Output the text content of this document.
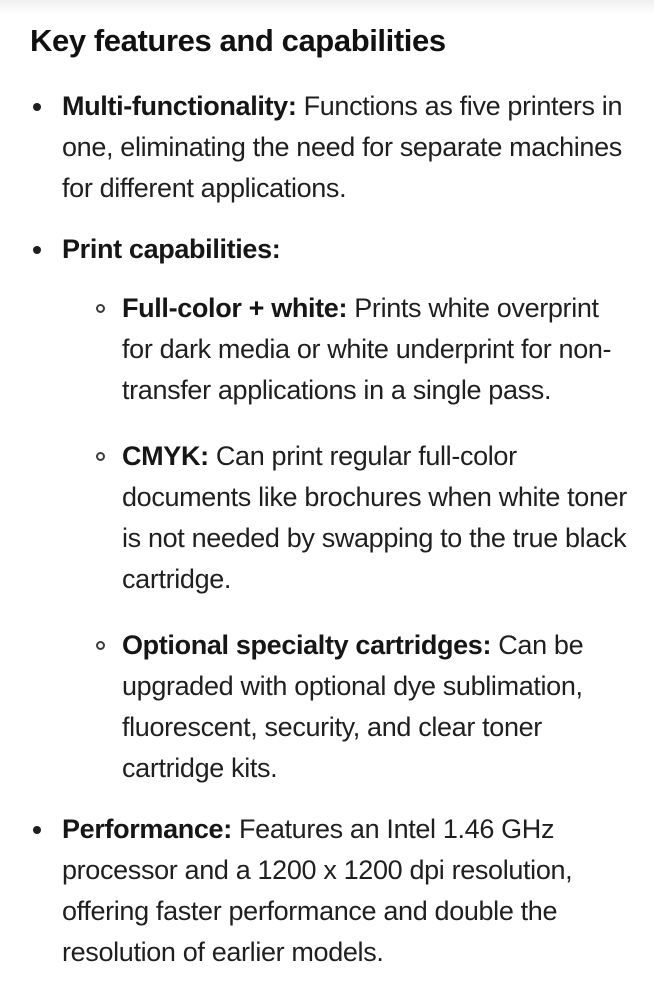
Key features and capabilities
Multi-functionality: Functions as five printers in one, eliminating the need for separate machines for different applications.
Print capabilities:
Full-color + white: Prints white overprint for dark media or white underprint for non-transfer applications in a single pass.
CMYK: Can print regular full-color documents like brochures when white toner is not needed by swapping to the true black cartridge.
Optional specialty cartridges: Can be upgraded with optional dye sublimation, fluorescent, security, and clear toner cartridge kits.
Performance: Features an Intel 1.46 GHz processor and a 1200 x 1200 dpi resolution, offering faster performance and double the resolution of earlier models.
